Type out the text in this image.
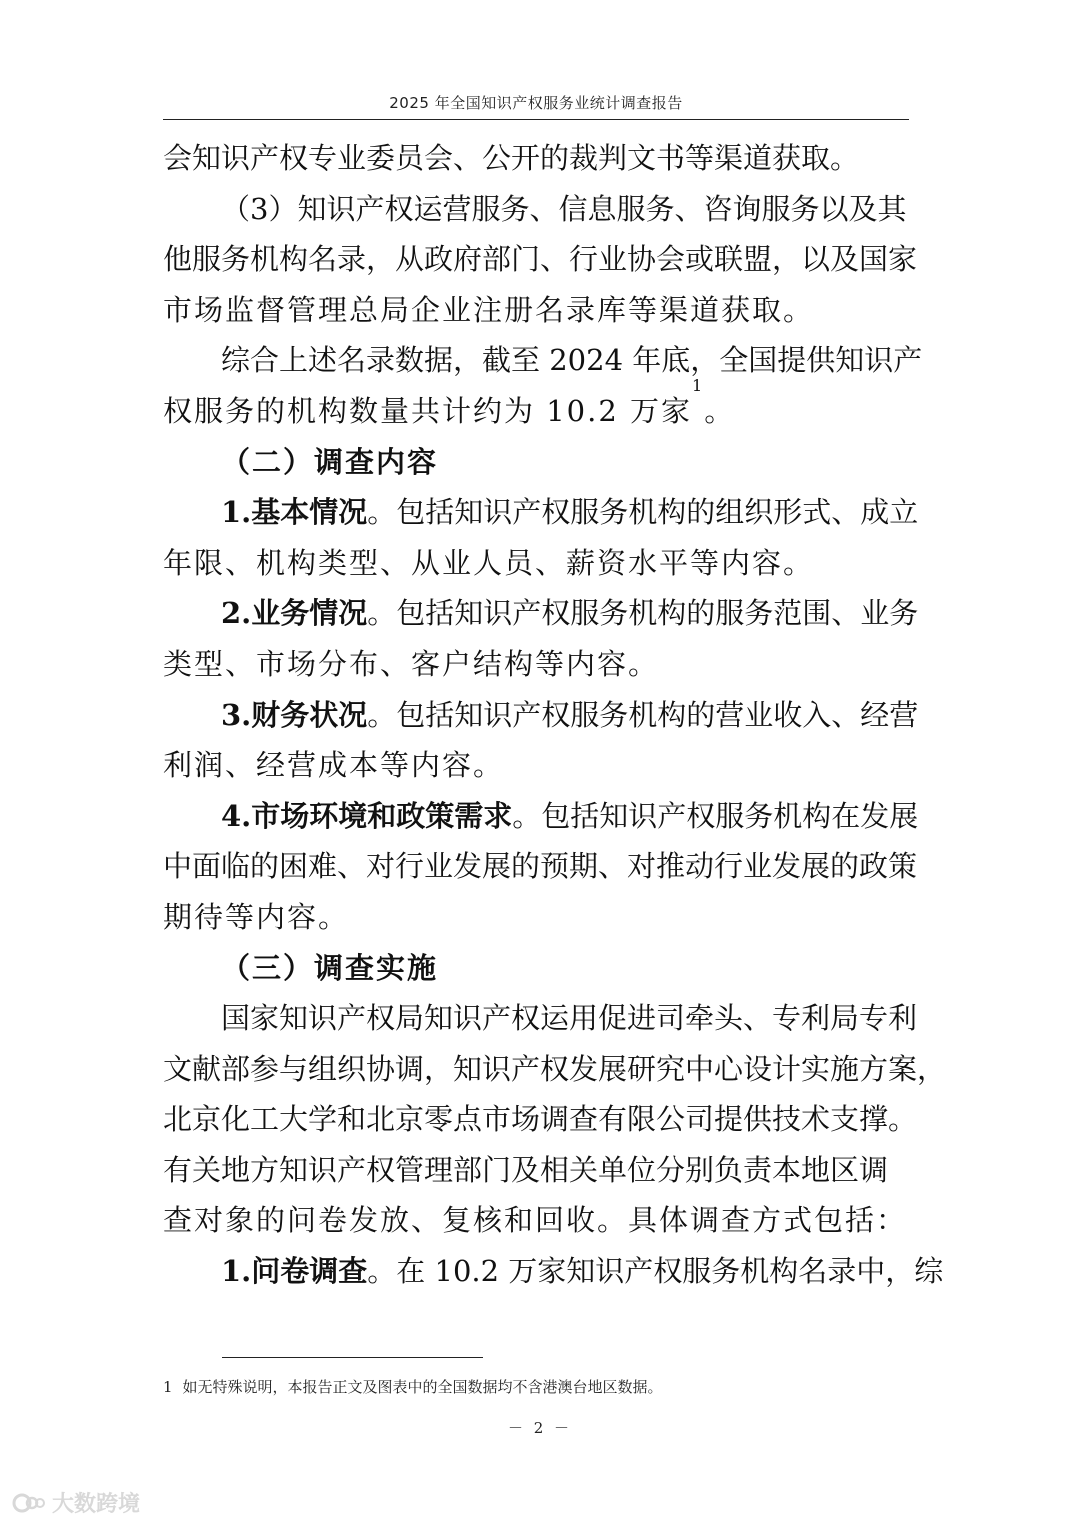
2025 年全国知识产权服务业统计调查报告
会知识产权专业委员会、公开的裁判文书等渠道获取。
（3）知识产权运营服务、信息服务、咨询服务以及其
他服务机构名录，从政府部门、行业协会或联盟，以及国家
市场监督管理总局企业注册名录库等渠道获取。
综合上述名录数据，截至 2024 年底，全国提供知识产
权服务的机构数量共计约为 10.2 万家
1
。
（二）调查内容
1.基本情况 。包括知识产权服务机构的组织形式、成立
年限、机构类型、从业人员、薪资水平等内容。
2.业务情况 。包括知识产权服务机构的服务范围、业务
类型、市场分布、客户结构等内容。
3.财务状况 。包括知识产权服务机构的营业收入、经营
利润、经营成本等内容。
4.市场环境和政策需求 。包括知识产权服务机构在发展
中面临的困难、对行业发展的预期、对推动行业发展的政策
期待等内容。
（三）调查实施
国家知识产权局知识产权运用促进司牵头、专利局专利
文献部参与组织协调，知识产权发展研究中心设计实施方案，
北京化工大学和北京零点市场调查有限公司提供技术支撑。
有关地方知识产权管理部门及相关单位分别负责本地区调
查对象的问卷发放、复核和回收。具体调查方式包括：
1.问卷调查 。在 10.2 万家知识产权服务机构名录中，综
1 如无特殊说明，本报告正文及图表中的全国数据均不含港澳台地区数据。
－ 2 －
大数跨境
